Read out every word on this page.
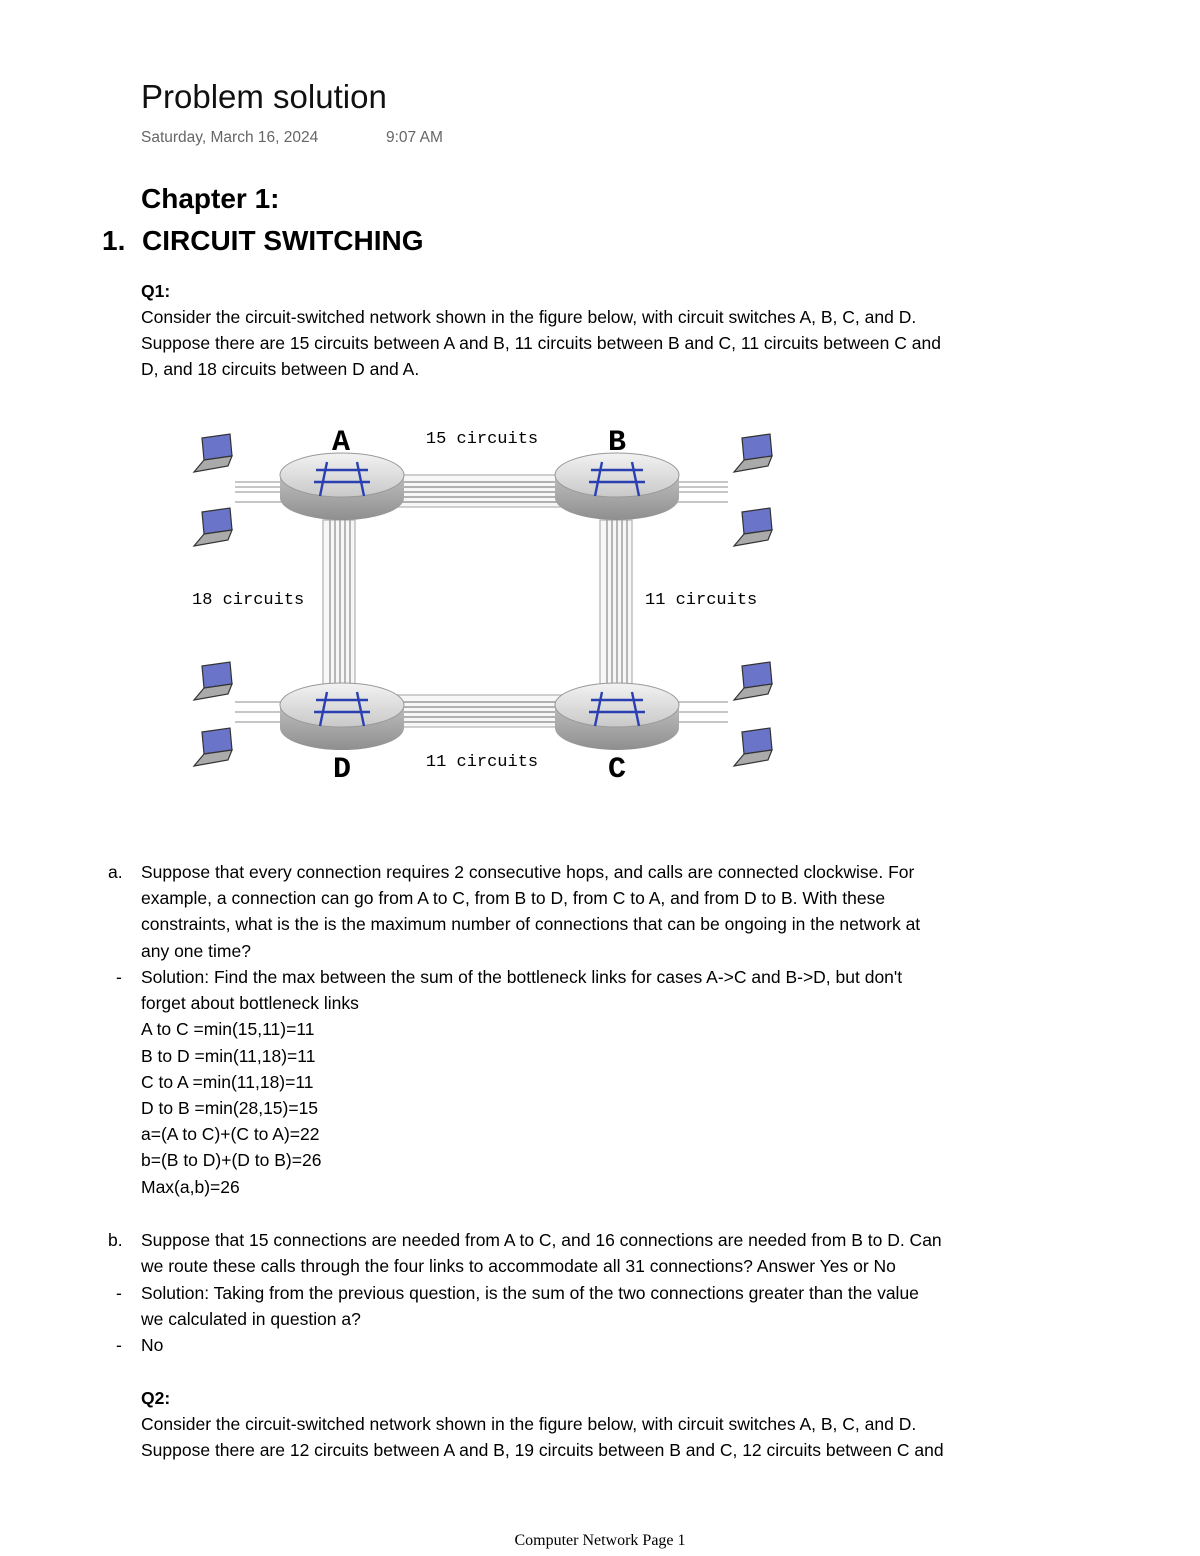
Problem solution
Saturday, March 16, 2024	9:07 AM
Chapter 1:
1. CIRCUIT SWITCHING
Q1:
Consider the circuit-switched network shown in the figure below, with circuit switches A, B, C, and D.
Suppose there are 15 circuits between A and B, 11 circuits between B and C, 11 circuits between C and
D, and 18 circuits between D and A.
A	B
C
D
15 circuits
11 circuits
18 circuits	11 circuits
a. Suppose that every connection requires 2 consecutive hops, and calls are connected clockwise. For
example, a connection can go from A to C, from B to D, from C to A, and from D to B. With these
constraints, what is the is the maximum number of connections that can be ongoing in the network at
any one time?
- Solution: Find the max between the sum of the bottleneck links for cases A->C and B->D, but don't
forget about bottleneck links
A to C =min(15,11)=11
B to D =min(11,18)=11
C to A =min(11,18)=11
D to B =min(28,15)=15
a=(A to C)+(C to A)=22
b=(B to D)+(D to B)=26
Max(a,b)=26
b. Suppose that 15 connections are needed from A to C, and 16 connections are needed from B to D. Can
we route these calls through the four links to accommodate all 31 connections? Answer Yes or No
- Solution: Taking from the previous question, is the sum of the two connections greater than the value
we calculated in question a?
- No
Q2:
Consider the circuit-switched network shown in the figure below, with circuit switches A, B, C, and D.
Suppose there are 12 circuits between A and B, 19 circuits between B and C, 12 circuits between C and
Computer Network Page 1
